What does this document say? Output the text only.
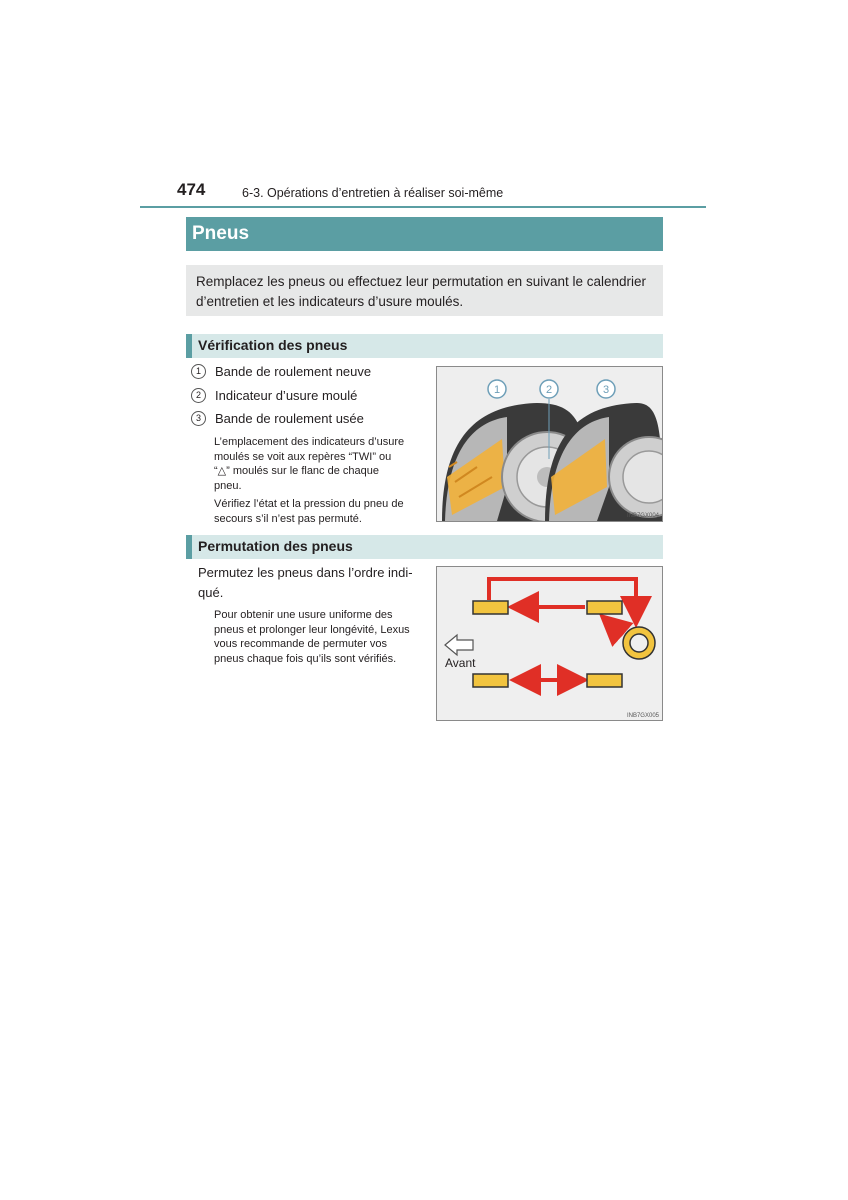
474	6-3. Opérations d’entretien à réaliser soi-même
Pneus
Remplacez les pneus ou effectuez leur permutation en suivant le calendrier
d’entretien et les indicateurs d’usure moulés.
Vérification des pneus
1	Bande de roulement neuve
2	Indicateur d’usure moulé
3	Bande de roulement usée
L’emplacement des indicateurs d’usure
moulés se voit aux repères “TWI” ou
“△” moulés sur le flanc de chaque
pneu.
Vérifiez l’état et la pression du pneu de
secours s’il n’est pas permuté.
1	2	3
INB7GX004
Permutation des pneus
Permutez les pneus dans l’ordre indi-
qué.
Pour obtenir une usure uniforme des
pneus et prolonger leur longévité, Lexus
vous recommande de permuter vos
pneus chaque fois qu’ils sont vérifiés.	Avant
INB7GX005
